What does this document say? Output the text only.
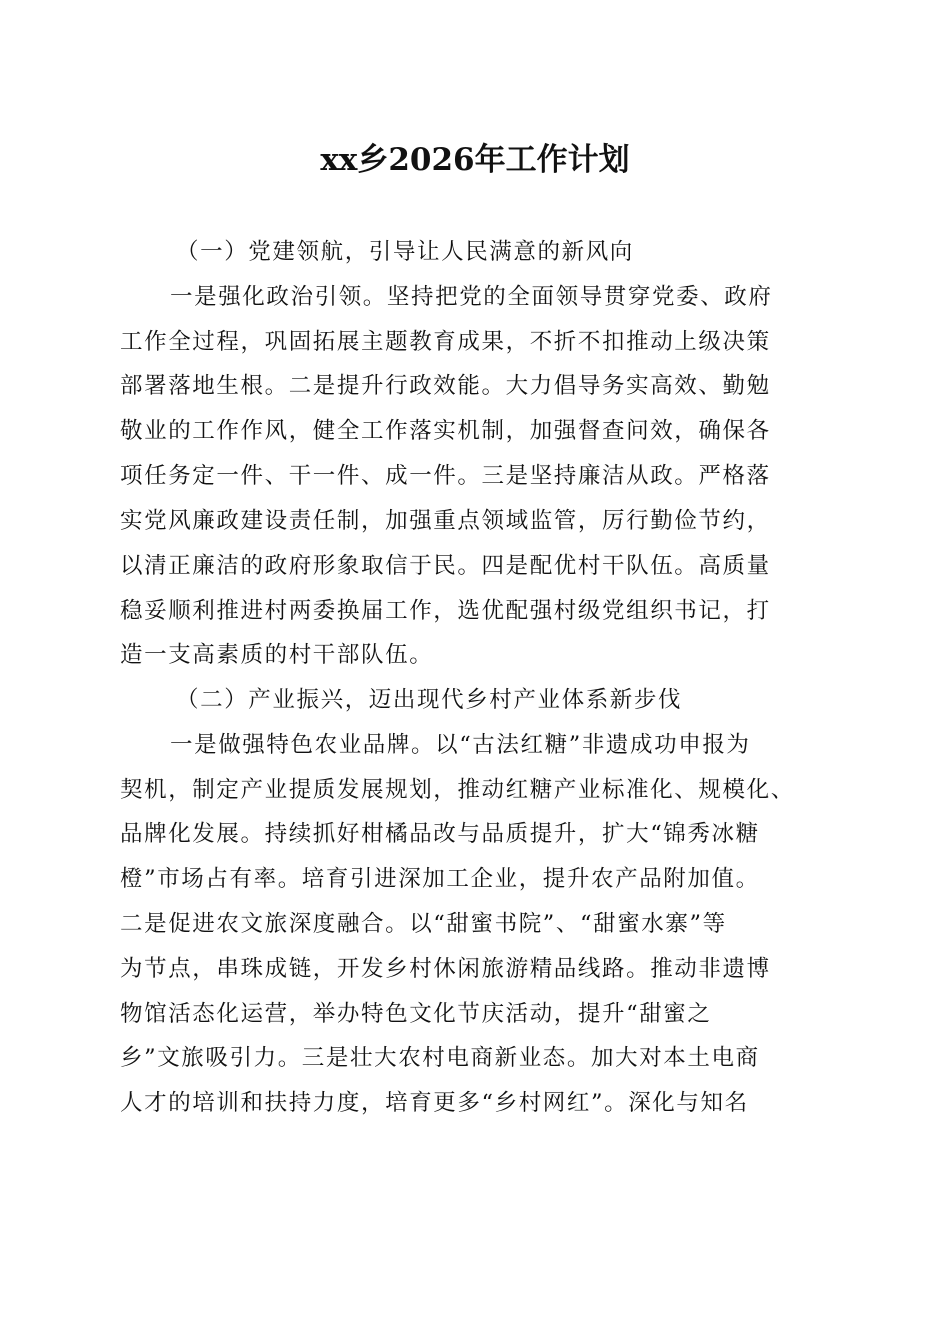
xx乡2026年工作计划
（一）党建领航，引导让人民满意的新风向
一是强化政治引领。坚持把党的全面领导贯穿党委、政府
工作全过程，巩固拓展主题教育成果，不折不扣推动上级决策
部署落地生根。二是提升行政效能。大力倡导务实高效、勤勉
敬业的工作作风，健全工作落实机制，加强督查问效，确保各
项任务定一件、干一件、成一件。三是坚持廉洁从政。严格落
实党风廉政建设责任制，加强重点领域监管，厉行勤俭节约，
以清正廉洁的政府形象取信于民。四是配优村干队伍。高质量
稳妥顺利推进村两委换届工作，选优配强村级党组织书记，打
造一支高素质的村干部队伍。
（二）产业振兴，迈出现代乡村产业体系新步伐
一是做强特色农业品牌。以“古法红糖”非遗成功申报为
契机，制定产业提质发展规划，推动红糖产业标准化、规模化、
品牌化发展。持续抓好柑橘品改与品质提升，扩大“锦秀冰糖
橙”市场占有率。培育引进深加工企业，提升农产品附加值。
二是促进农文旅深度融合。以“甜蜜书院”、“甜蜜水寨”等
为节点，串珠成链，开发乡村休闲旅游精品线路。推动非遗博
物馆活态化运营，举办特色文化节庆活动，提升“甜蜜之
乡”文旅吸引力。三是壮大农村电商新业态。加大对本土电商
人才的培训和扶持力度，培育更多“乡村网红”。深化与知名
